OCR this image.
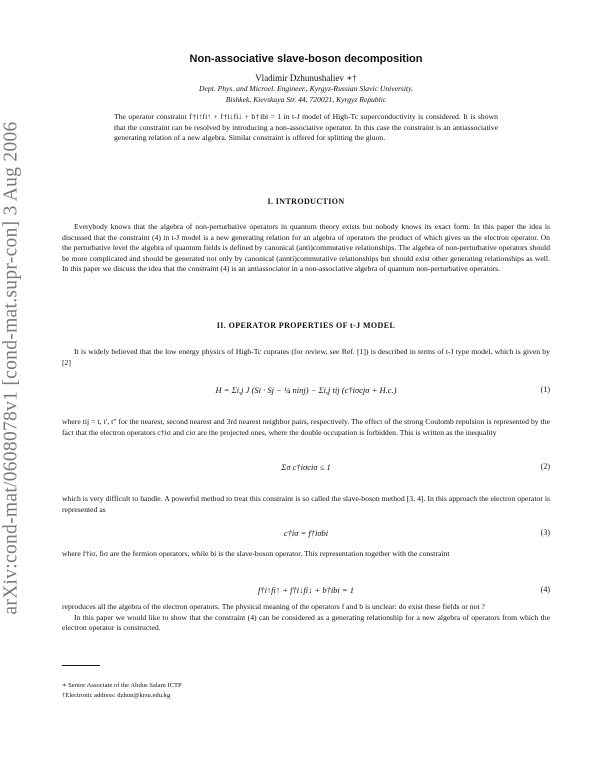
arXiv:cond-mat/0608078v1 [cond-mat.supr-con] 3 Aug 2006
Non-associative slave-boson decomposition
Vladimir Dzhunushaliev ∗†
Dept. Phys. and Microel. Engineer., Kyrgyz-Russian Slavic University,
Bishkek, Kievskaya Str. 44, 720021, Kyrgyz Republic
The operator constraint f†i↑fi↑ + f†i↓fi↓ + b†ibi = 1 in t-J model of High-Tc superconductivity is considered. It is shown that the constraint can be resolved by introducing a non-associative operator. In this case the constraint is an antiassociative generating relation of a new algebra. Similar constraint is offered for splitting the gluon.
I. INTRODUCTION

Everybody knows that the algebra of non-perturbative operators in quantum theory exists but nobody knows its exact form. In this paper the idea is discussed that the constraint (4) in t-J model is a new generating relation for an algebra of operators the product of which gives us the electron operator. On the perturbative level the algebra of quantum fields is defined by canonical (anti)commutative relationships. The algebra of non-perturbative operators should be more complicated and should be generated not only by canonical (annti)commutative relationships but should exist other generating relationships as well. In this paper we discuss the idea that the constraint (4) is an antiassociator in a non-associative algebra of quantum non-perturbative operators.

II. OPERATOR PROPERTIES OF t-J MODEL

It is widely believed that the low energy physics of High-Tc cuprates (for review, see Ref. [1]) is described in terms of t-J type model, which is given by [2]

H = Σi,j J (Si · Sj − ¼ ninj) − Σi,j tij (c†iσcjσ + H.c.)	(1)

where tij = t, t′, t″ for the nearest, second nearest and 3rd nearest neighbor pairs, respectively. The effect of the strong Coulomb repulsion is represented by the fact that the electron operators c†iσ and ciσ are the projected ones, where the double occupation is forbidden. This is written as the inequality

Σσ c†iσciσ ≤ 1	(2)

which is very difficult to handle. A powerful method to treat this constraint is so called the slave-boson method [3, 4]. In this approach the electron operator is represented as

c†iσ = f†iσbi	(3)

where f†iσ, fiσ are the fermion operators, while bi is the slave-boson operator. This representation together with the constraint

f†i↑fi↑ + f†i↓fi↓ + b†ibi = 1	(4)

reproduces all the algebra of the electron operators. The physical meaning of the operators f and b is unclear: do exist these fields or not ?

In this paper we would like to show that the constraint (4) can be considered as a generating relationship for a new algebra of operators from which the electron operator is constructed.

∗ Senior Associate of the Abdus Salam ICTP
†Electronic address: dzhun@krsu.edu.kg
